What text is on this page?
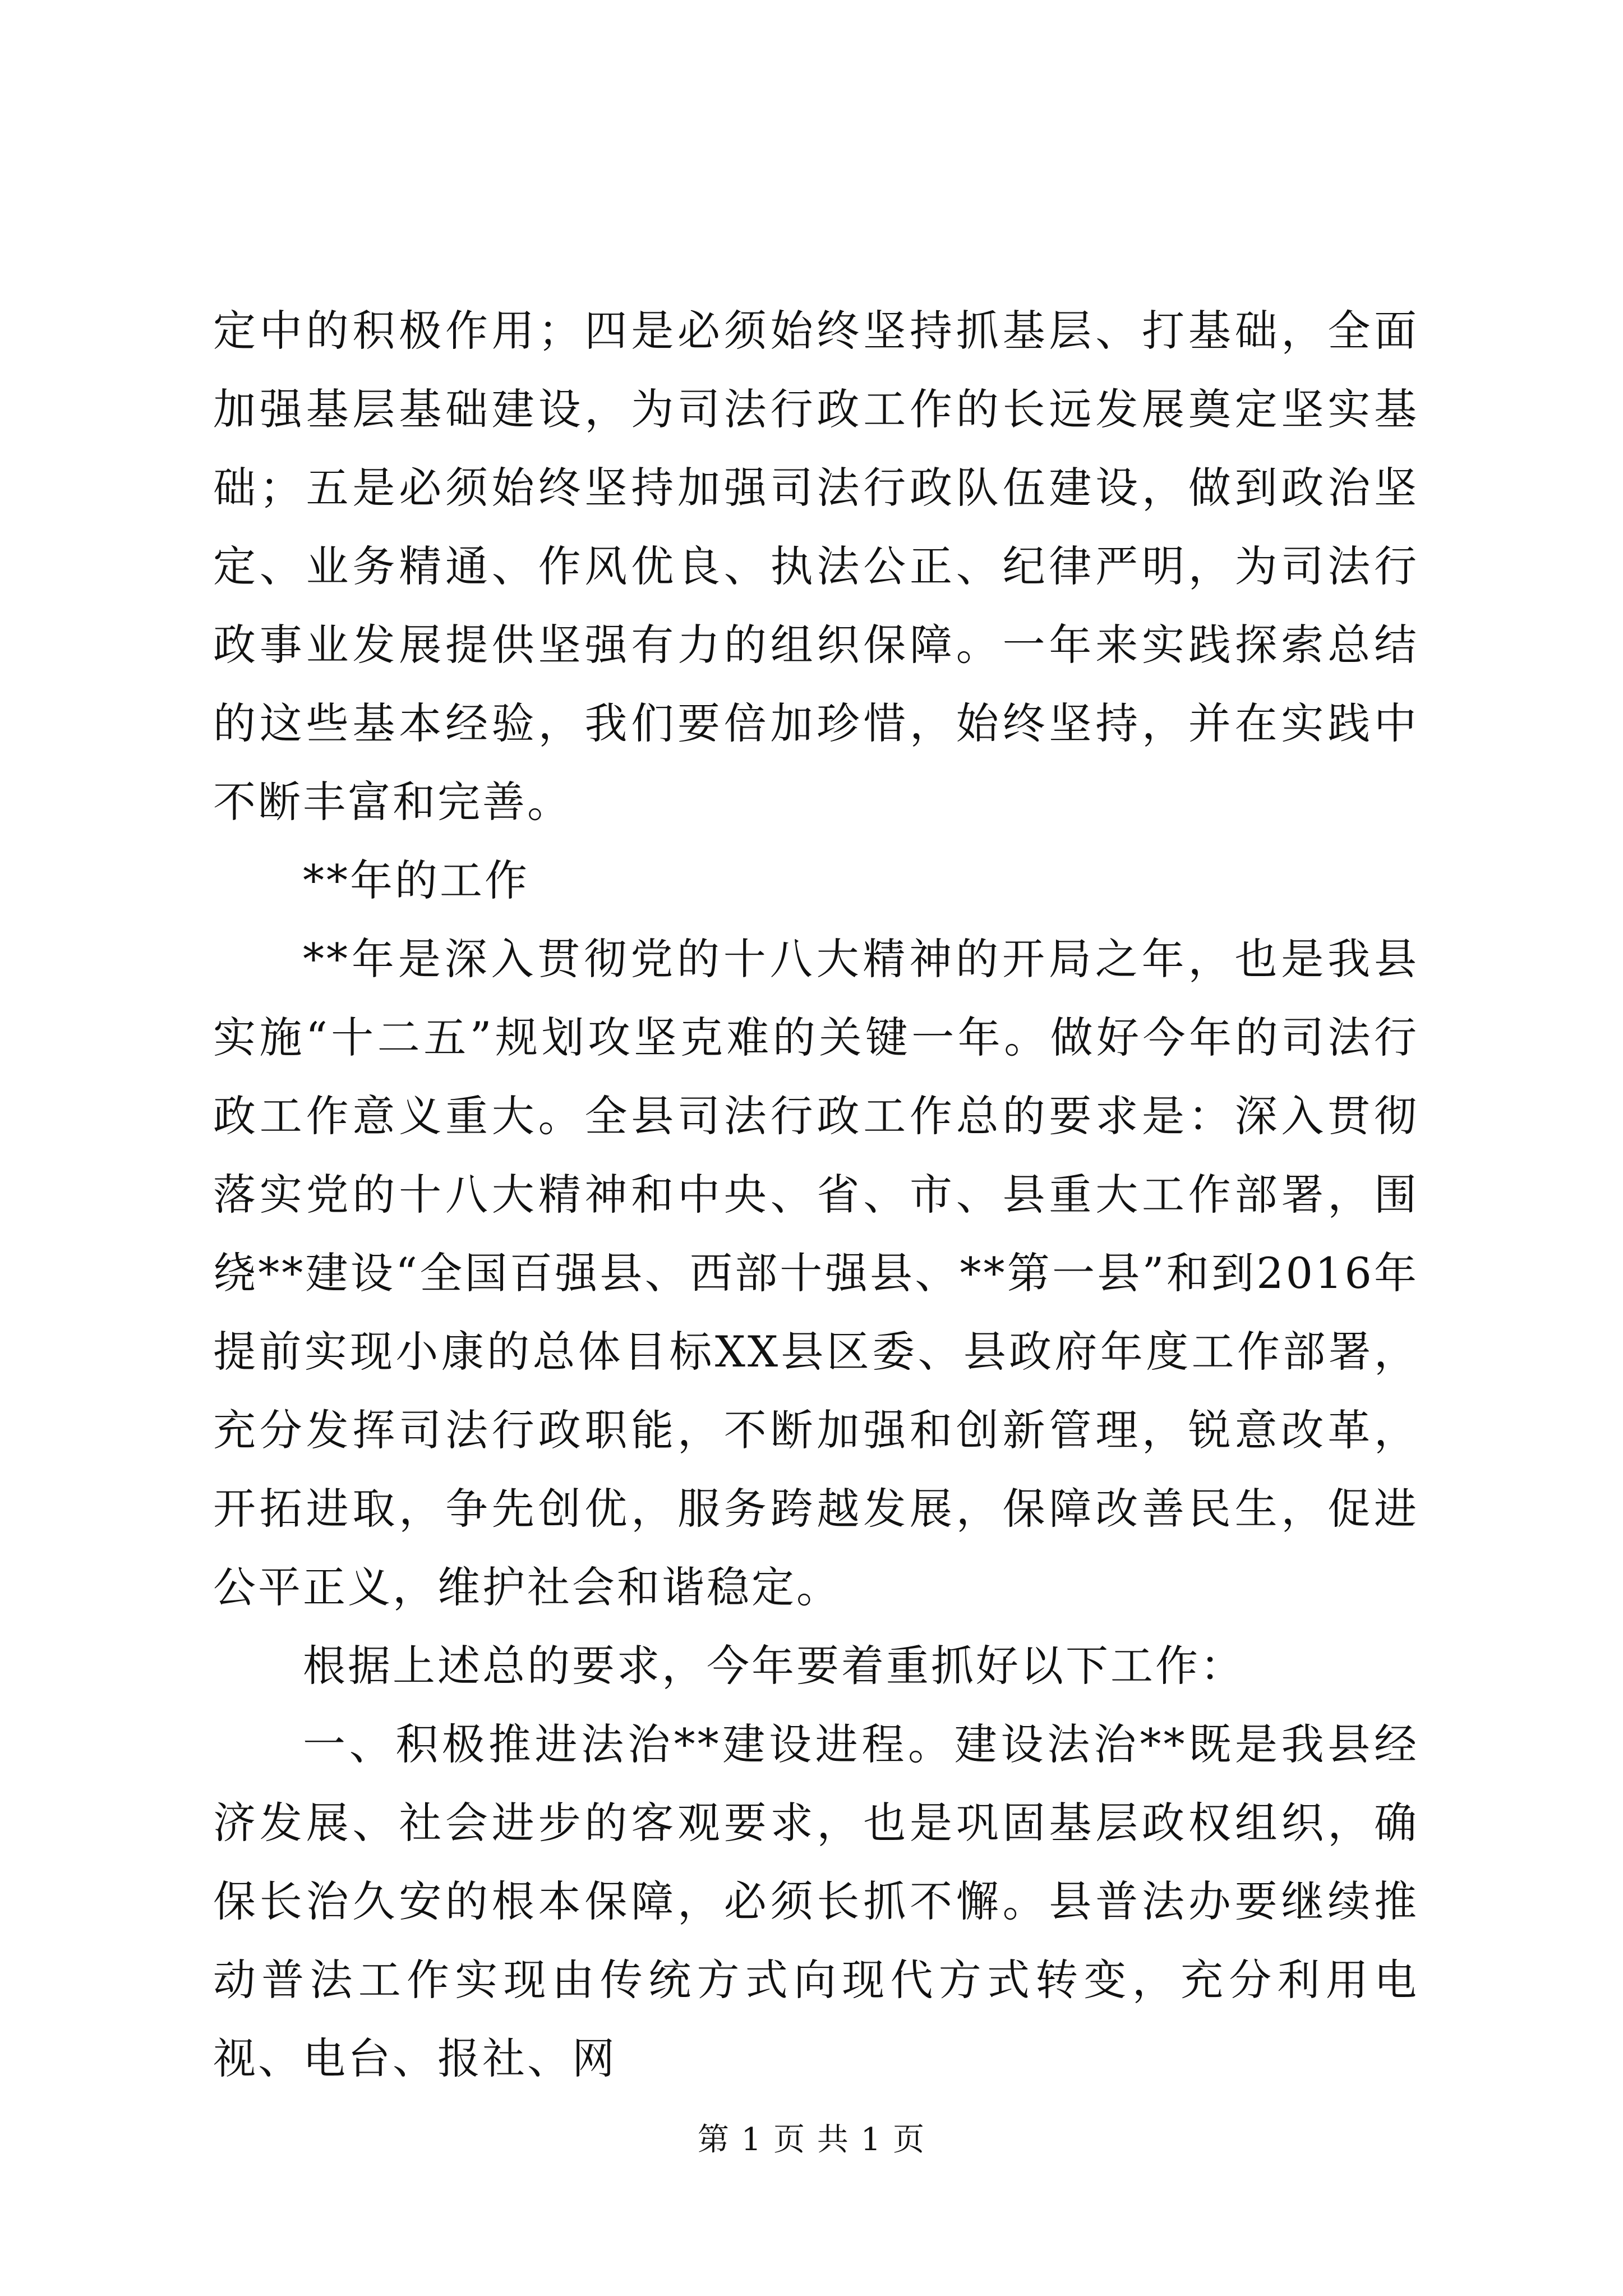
定中的积极作用；四是必须始终坚持抓基层、打基础，全面加强基层基础建设，为司法行政工作的长远发展奠定坚实基础；五是必须始终坚持加强司法行政队伍建设，做到政治坚定、业务精通、作风优良、执法公正、纪律严明，为司法行政事业发展提供坚强有力的组织保障。一年来实践探索总结的这些基本经验，我们要倍加珍惜，始终坚持，并在实践中不断丰富和完善。

**年的工作

**年是深入贯彻党的十八大精神的开局之年，也是我县实施“十二五”规划攻坚克难的关键一年。做好今年的司法行政工作意义重大。全县司法行政工作总的要求是：深入贯彻落实党的十八大精神和中央、省、市、县重大工作部署，围绕**建设“全国百强县、西部十强县、**第一县”和到2016年提前实现小康的总体目标XX县区委、县政府年度工作部署，充分发挥司法行政职能，不断加强和创新管理，锐意改革，开拓进取，争先创优，服务跨越发展，保障改善民生，促进公平正义，维护社会和谐稳定。

根据上述总的要求，今年要着重抓好以下工作：

一、积极推进法治**建设进程。建设法治**既是我县经济发展、社会进步的客观要求，也是巩固基层政权组织，确保长治久安的根本保障，必须长抓不懈。县普法办要继续推动普法工作实现由传统方式向现代方式转变，充分利用电视、电台、报社、网

第 1 页 共 1 页
